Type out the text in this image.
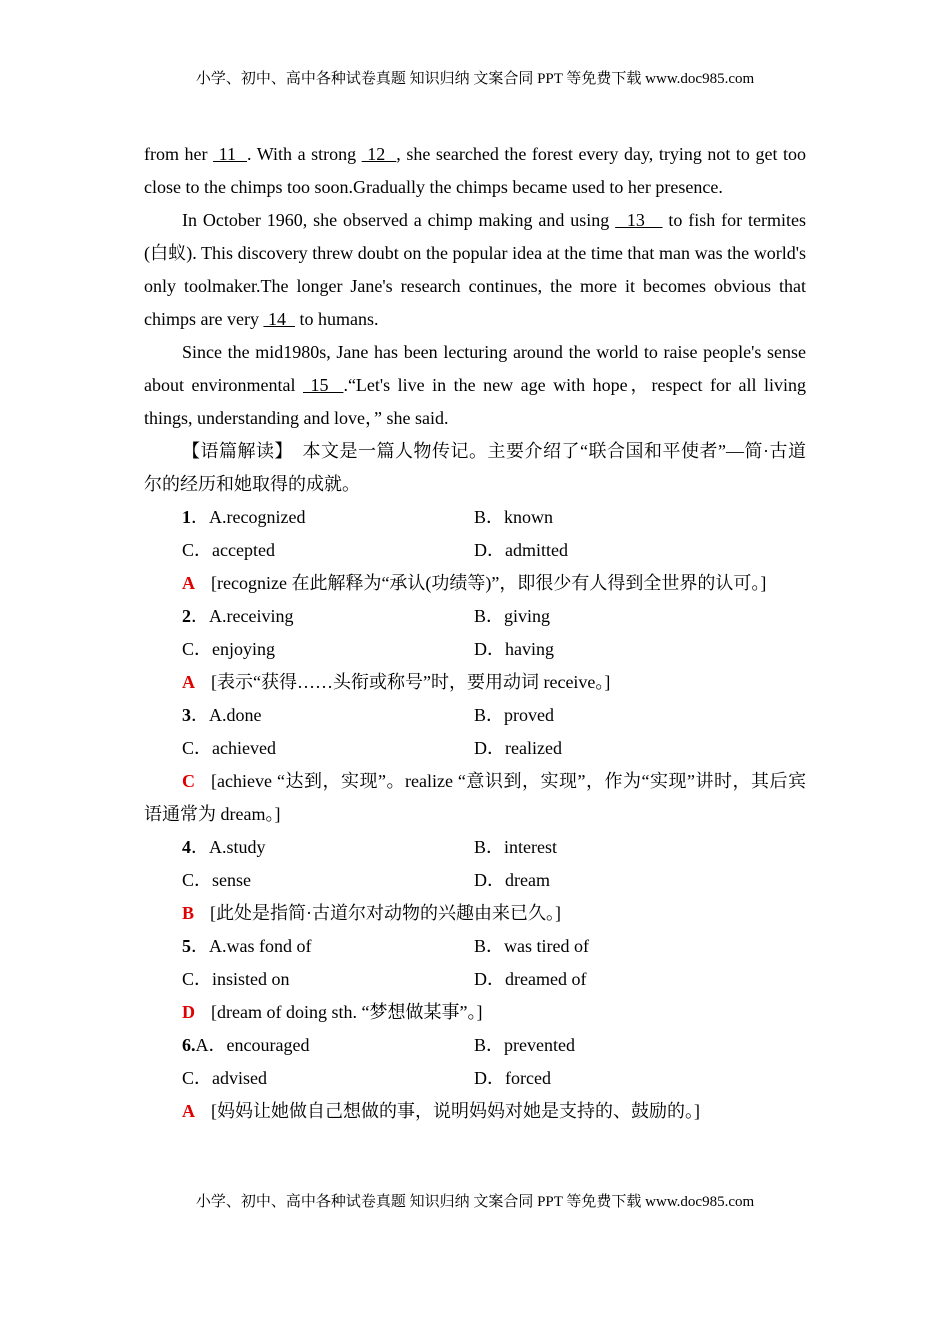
小学、初中、高中各种试卷真题 知识归纳 文案合同 PPT 等免费下载 www.doc985.com

from her  11  . With a strong  12  , she searched the forest every day, trying not to get too close to the chimps too soon.Gradually the chimps became used to her presence.

In October 1960, she observed a chimp making and using   13    to fish for termites (白蚁). This discovery threw doubt on the popular idea at the time that man was the world's only toolmaker.The longer Jane's research continues, the more it becomes obvious that chimps are very  14   to humans.

Since the mid1980s, Jane has been lecturing around the world to raise people's sense about environmental  15  .“Let's live in the new age with hope，respect for all living things, understanding and love，” she said.

【语篇解读】　本文是一篇人物传记。主要介绍了“联合国和平使者”—简·古道尔的经历和她取得的成就。

1．A.recognized	B．known
C．accepted	D．admitted

A [recognize 在此解释为“承认(功绩等)”，即很少有人得到全世界的认可。]

2．A.receiving	B．giving
C．enjoying	D．having

A [表示“获得……头衔或称号”时，要用动词 receive。]

3．A.done	B．proved
C．achieved	D．realized

C [achieve “达到，实现”。realize “意识到，实现”，作为“实现”讲时，其后宾语通常为 dream。]

4．A.study	B．interest
C．sense	D．dream

B [此处是指简·古道尔对动物的兴趣由来已久。]

5．A.was fond of	B．was tired of
C．insisted on	D．dreamed of

D [dream of doing sth. “梦想做某事”。]

6.A．encouraged	B．prevented
C．advised	D．forced

A [妈妈让她做自己想做的事，说明妈妈对她是支持的、鼓励的。]

小学、初中、高中各种试卷真题 知识归纳 文案合同 PPT 等免费下载 www.doc985.com
